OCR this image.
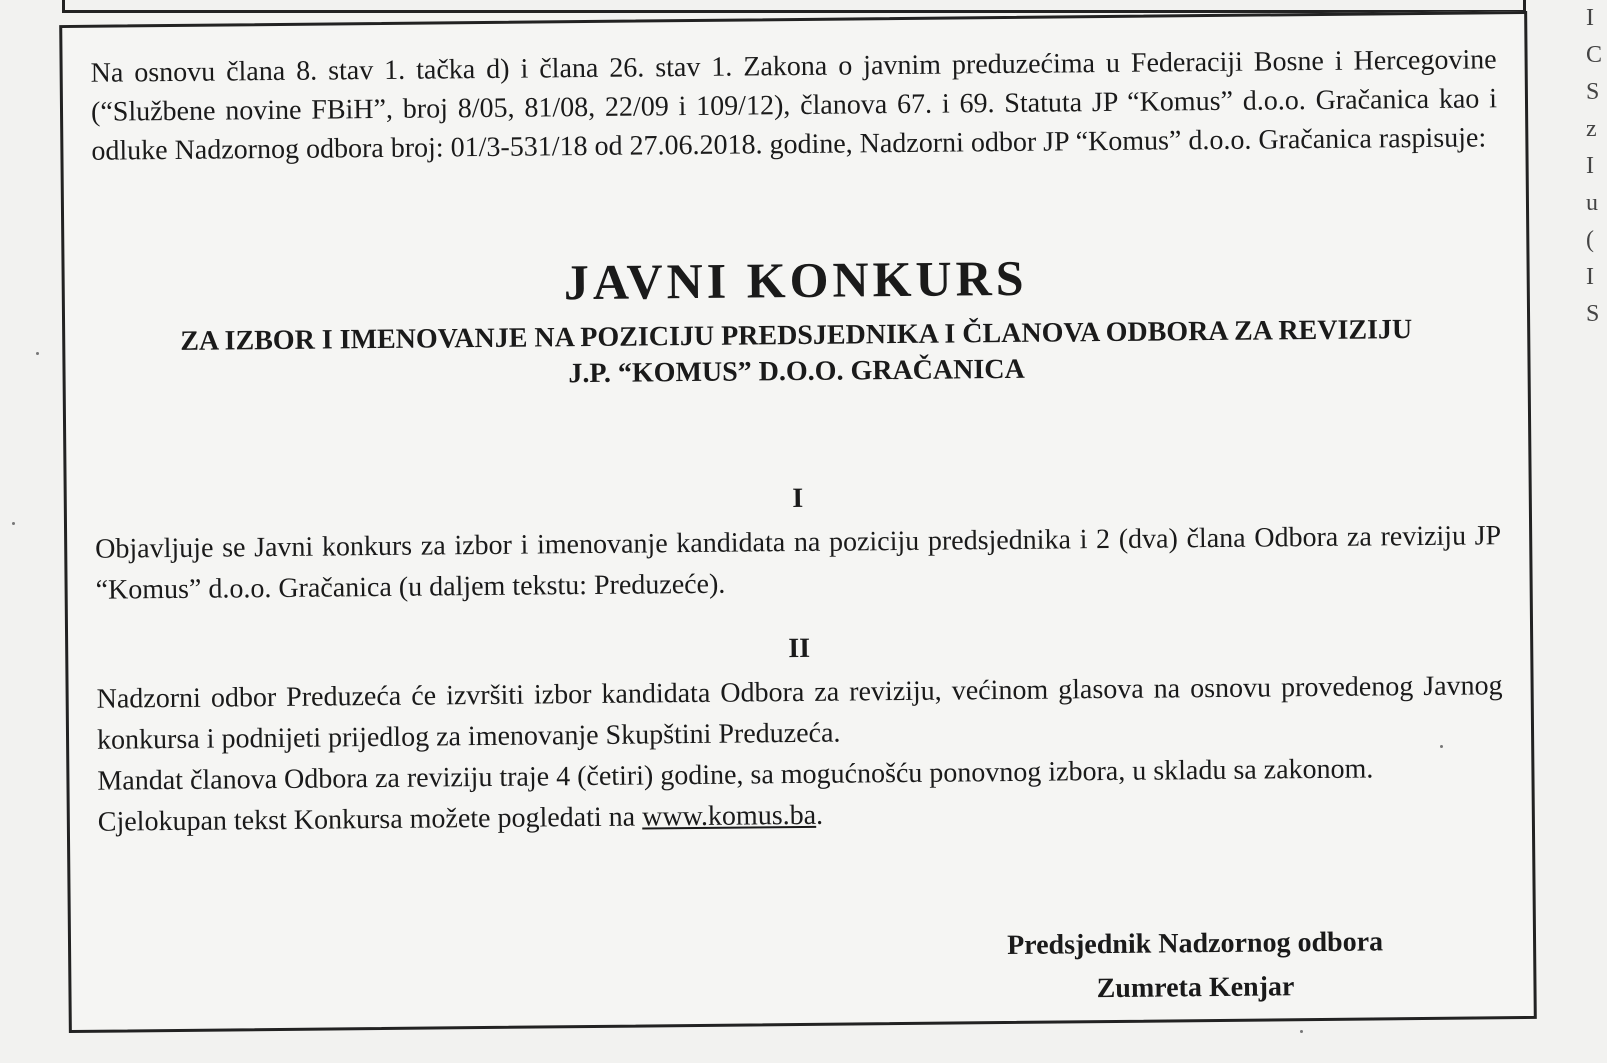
I
C
S
z
I
u
(
I
S

Na osnovu člana 8. stav 1. tačka d) i člana 26. stav 1. Zakona o javnim preduzećima u Federaciji Bosne i Hercegovine (“Službene novine FBiH”, broj 8/05, 81/08, 22/09 i 109/12), članova 67. i 69. Statuta JP “Komus” d.o.o. Gračanica kao i odluke Nadzornog odbora broj: 01/3-531/18 od 27.06.2018. godine, Nadzorni odbor JP “Komus” d.o.o. Gračanica raspisuje:

JAVNI KONKURS
ZA IZBOR I IMENOVANJE NA POZICIJU PREDSJEDNIKA I ČLANOVA ODBORA ZA REVIZIJU
J.P. “KOMUS” D.O.O. GRAČANICA

I

Objavljuje se Javni konkurs za izbor i imenovanje kandidata na poziciju predsjednika i 2 (dva) člana Odbora za reviziju JP “Komus” d.o.o. Gračanica (u daljem tekstu: Preduzeće).

II

Nadzorni odbor Preduzeća će izvršiti izbor kandidata Odbora za reviziju, većinom glasova na osnovu provedenog Javnog konkursa i podnijeti prijedlog za imenovanje Skupštini Preduzeća.
Mandat članova Odbora za reviziju traje 4 (četiri) godine, sa mogućnošću ponovnog izbora, u skladu sa zakonom.
Cjelokupan tekst Konkursa možete pogledati na www.komus.ba.
Predsjednik Nadzornog odbora
Zumreta Kenjar
